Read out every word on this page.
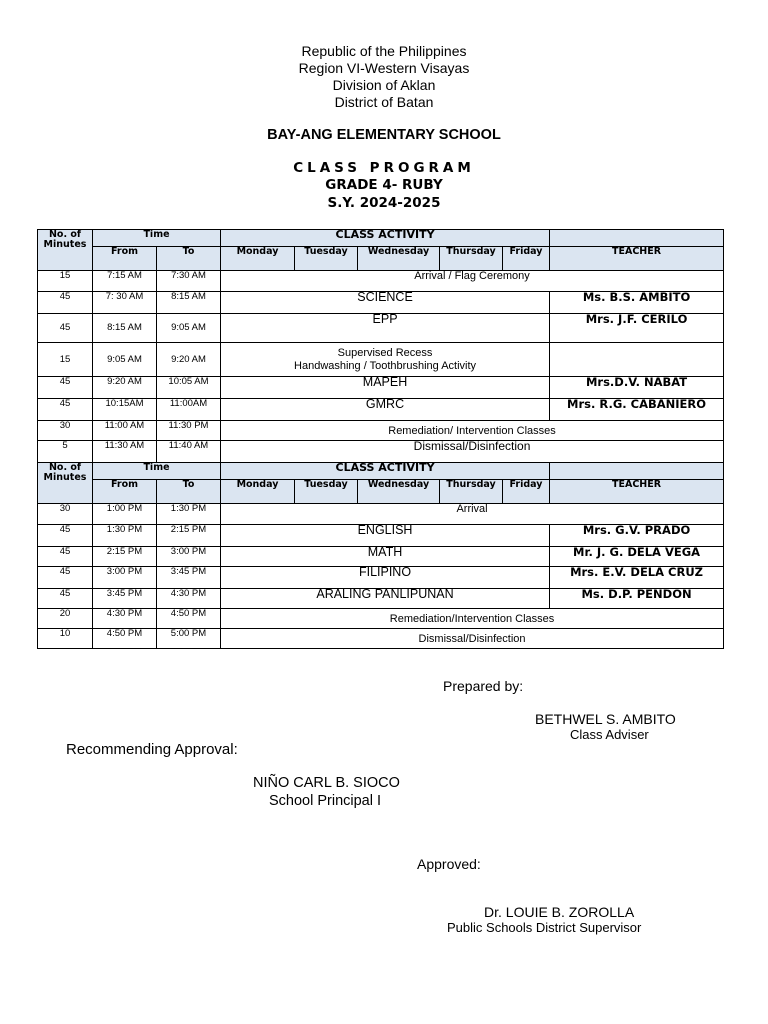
Republic of the Philippines
Region VI-Western Visayas
Division of Aklan
District of Batan
BAY-ANG ELEMENTARY SCHOOL
CLASS PROGRAM
GRADE 4- RUBY
S.Y. 2024-2025
No. of Minutes	Time		CLASS ACTIVITY					
	From	To	Monday	Tuesday	Wednesday	Thursday	Friday	TEACHER
15	7:15 AM	7:30 AM	Arrival / Flag Ceremony					
45	7: 30 AM	8:15 AM	SCIENCE					Ms. B.S. AMBITO
45	8:15 AM	9:05 AM	EPP					Mrs. J.F. CERILO
15	9:05 AM	9:20 AM	Supervised Recess
Handwashing / Toothbrushing Activity					

45	9:20 AM	10:05 AM	MAPEH					Mrs.D.V. NABAT
45	10:15AM	11:00AM	GMRC					Mrs. R.G. CABANIERO
30	11:00 AM	11:30 PM	Remediation/ Intervention Classes					
5	11:30 AM	11:40 AM	Dismissal/Disinfection					
No. of Minutes	Time		CLASS ACTIVITY					
	From	To	Monday	Tuesday	Wednesday	Thursday	Friday	TEACHER
30	1:00 PM	1:30 PM	Arrival					
45	1:30 PM	2:15 PM	ENGLISH					Mrs. G.V. PRADO
45	2:15 PM	3:00 PM	MATH					Mr. J. G. DELA VEGA
45	3:00 PM	3:45 PM	FILIPINO					Mrs. E.V. DELA CRUZ
45	3:45 PM	4:30 PM	ARALING PANLIPUNAN					Ms. D.P. PENDON
20	4:30 PM	4:50 PM	Remediation/Intervention Classes					
10	4:50 PM	5:00 PM	Dismissal/Disinfection					
Prepared by:
BETHWEL S. AMBITO
Class Adviser
Recommending Approval:
NIÑO CARL B. SIOCO
School Principal I
Approved:
Dr. LOUIE B. ZOROLLA
Public Schools District Supervisor
